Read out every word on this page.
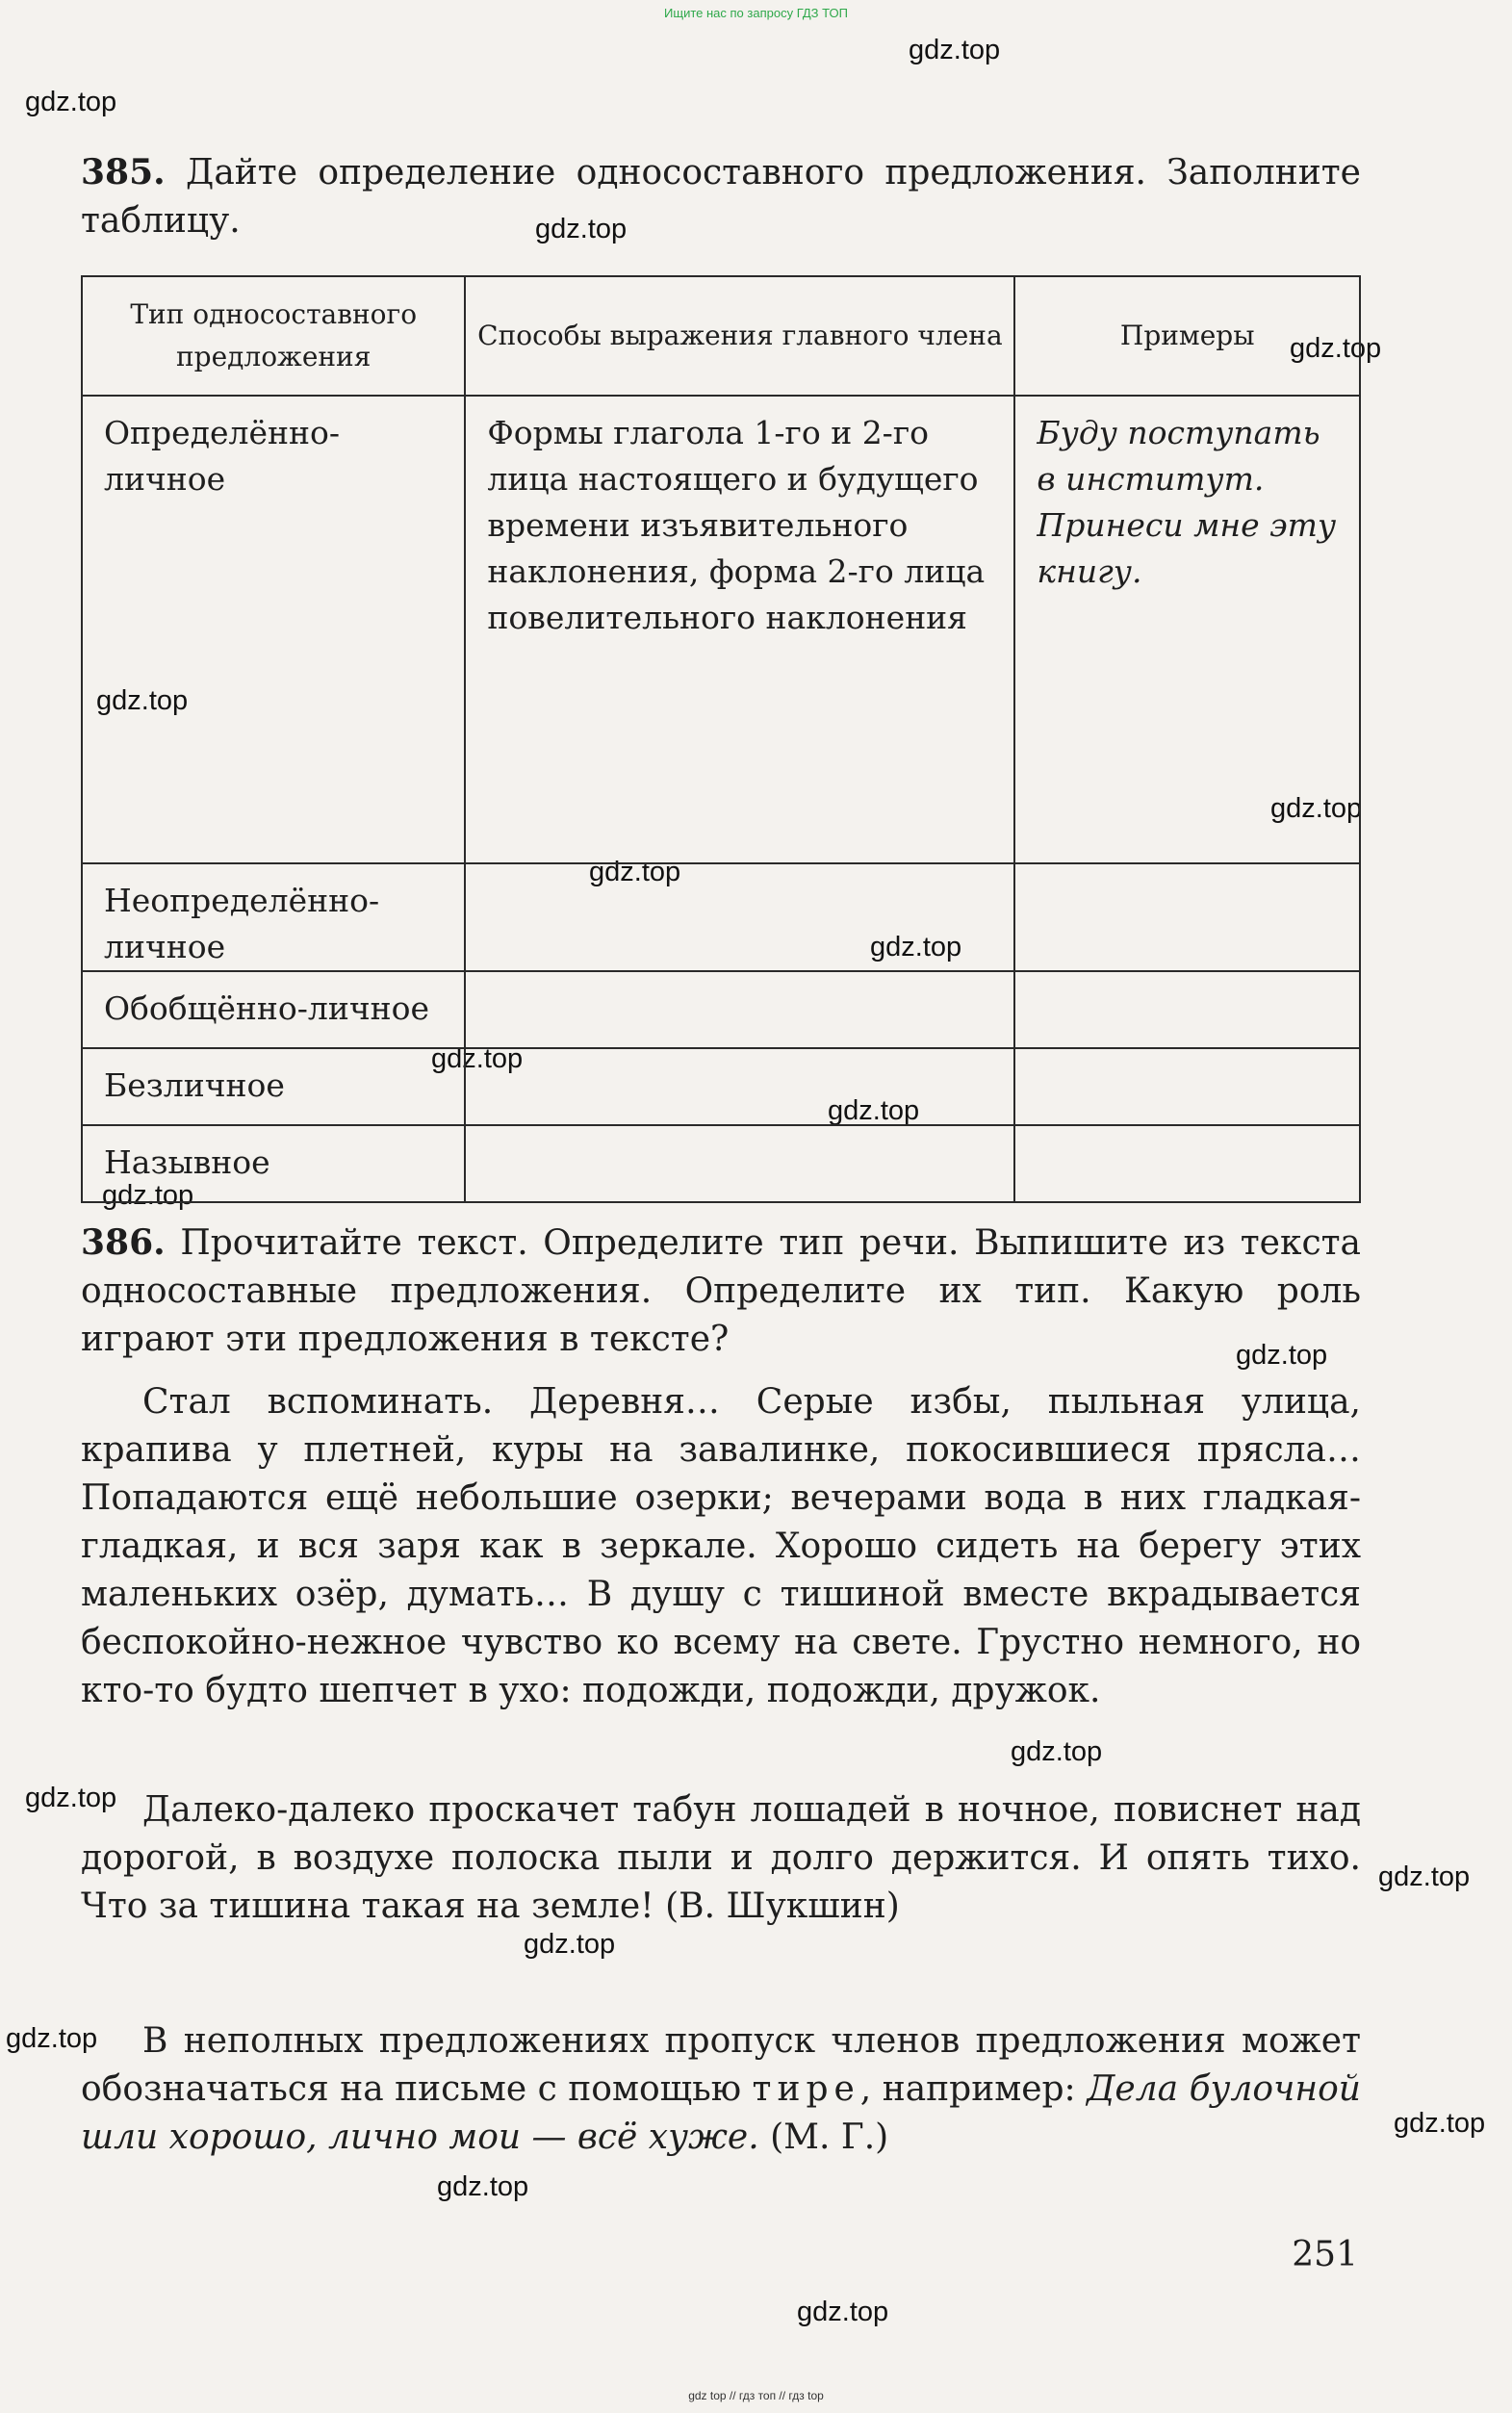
Ищите нас по запросу ГДЗ ТОП
gdz.top
gdz.top
gdz.top
gdz.top
gdz.top
gdz.top
gdz.top
gdz.top
gdz.top
gdz.top
gdz.top
gdz.top
gdz.top
gdz.top
gdz.top
gdz.top
gdz.top
gdz.top
gdz.top
gdz.top
385. Дайте определение односоставного предложения. Заполните таблицу.
Тип односоставного предложения	Способы выражения главного члена	Примеры
Определённо-личное	Формы глагола 1-го и 2-го лица настоящего и будущего времени изъявительного наклонения, форма 2-го лица повелительного наклонения	Буду поступать в институт. Принеси мне эту книгу.
Неопределённо-личное		
Обобщённо-личное		
Безличное		
Назывное		
386. Прочитайте текст. Определите тип речи. Выпишите из текста односоставные предложения. Определите их тип. Какую роль играют эти предложения в тексте?
Стал вспоминать. Деревня… Серые избы, пыльная улица, крапива у плетней, куры на завалинке, покосившиеся прясла… Попадаются ещё небольшие озерки; вечерами вода в них гладкая-гладкая, и вся заря как в зеркале. Хорошо сидеть на берегу этих маленьких озёр, думать… В душу с тишиной вместе вкрадывается беспокойно-нежное чувство ко всему на свете. Грустно немного, но кто-то будто шепчет в ухо: подожди, подожди, дружок.
Далеко-далеко проскачет табун лошадей в ночное, повиснет над дорогой, в воздухе полоска пыли и долго держится. И опять тихо. Что за тишина такая на земле! (В. Шукшин)
В неполных предложениях пропуск членов предложения может обозначаться на письме с помощью тире, например: Дела булочной шли хорошо, лично мои — всё хуже. (М. Г.)
251
gdz top // гдз топ // гдз top
